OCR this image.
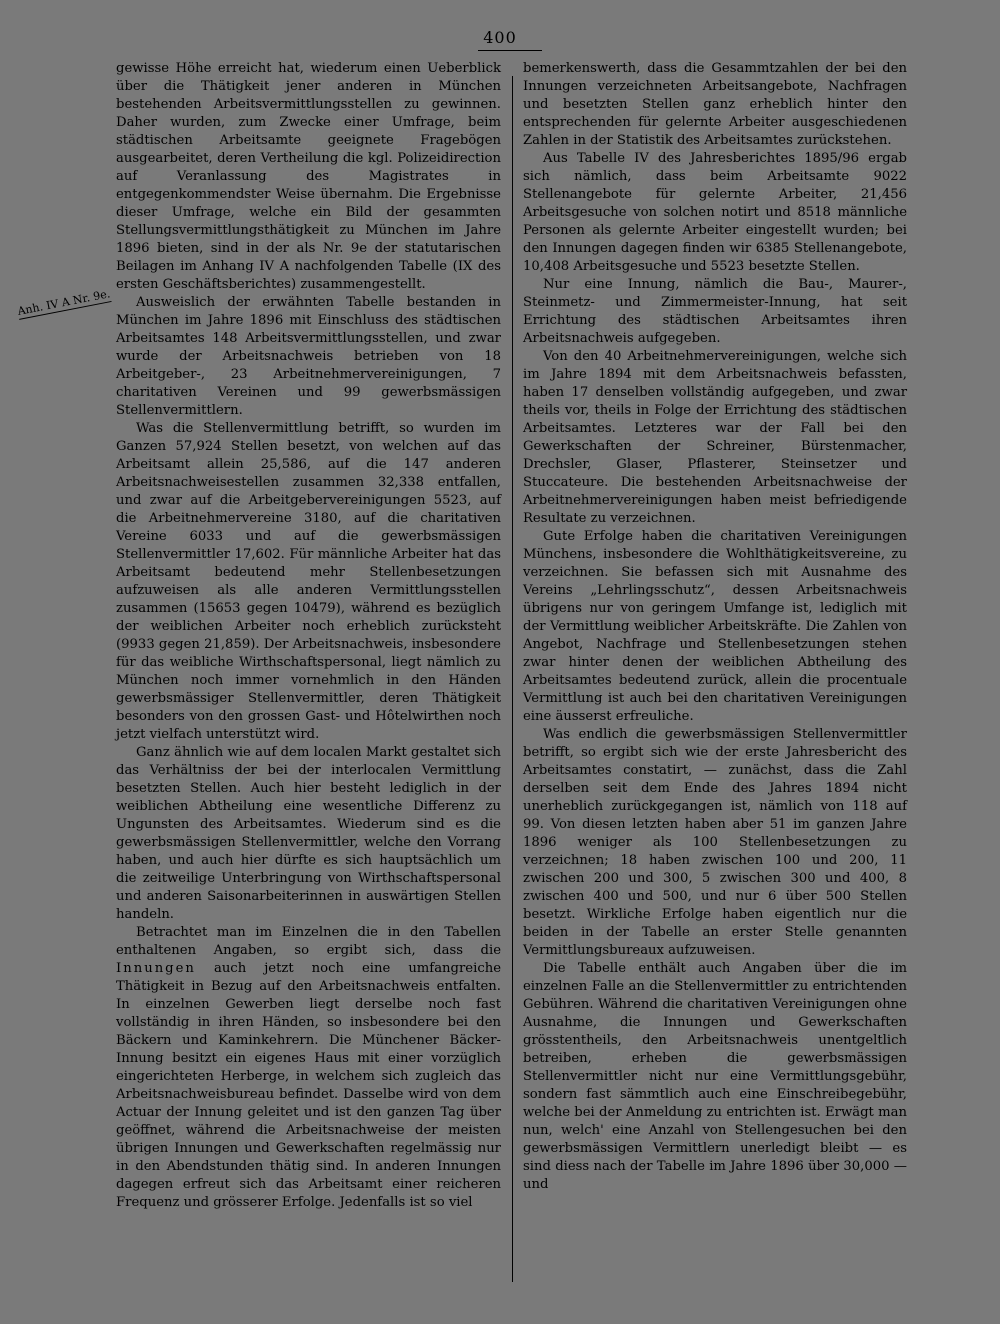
400
Anh. IV A Nr. 9e.

gewisse Höhe erreicht hat, wiederum einen Ueberblick über die Thätigkeit jener anderen in München bestehenden Arbeitsvermittlungsstellen zu gewinnen. Daher wurden, zum Zwecke einer Umfrage, beim städtischen Arbeitsamte geeignete Fragebögen ausgearbeitet, deren Vertheilung die kgl. Polizeidirection auf Veranlassung des Magistrates in entgegenkommendster Weise übernahm. Die Ergebnisse dieser Umfrage, welche ein Bild der gesammten Stellungsvermittlungsthätigkeit zu München im Jahre 1896 bieten, sind in der als Nr. 9e der statutarischen Beilagen im Anhang IV A nachfolgenden Tabelle (IX des ersten Geschäftsberichtes) zusammengestellt.

Ausweislich der erwähnten Tabelle bestanden in München im Jahre 1896 mit Einschluss des städtischen Arbeitsamtes 148 Arbeitsvermittlungsstellen, und zwar wurde der Arbeitsnachweis betrieben von 18 Arbeitgeber-, 23 Arbeitnehmervereinigungen, 7 charitativen Vereinen und 99 gewerbsmässigen Stellenvermittlern.

Was die Stellenvermittlung betrifft, so wurden im Ganzen 57,924 Stellen besetzt, von welchen auf das Arbeitsamt allein 25,586, auf die 147 anderen Arbeitsnachweisestellen zusammen 32,338 entfallen, und zwar auf die Arbeitgebervereinigungen 5523, auf die Arbeitnehmervereine 3180, auf die charitativen Vereine 6033 und auf die gewerbsmässigen Stellenvermittler 17,602. Für männliche Arbeiter hat das Arbeitsamt bedeutend mehr Stellenbesetzungen aufzuweisen als alle anderen Vermittlungsstellen zusammen (15653 gegen 10479), während es bezüglich der weiblichen Arbeiter noch erheblich zurücksteht (9933 gegen 21,859). Der Arbeitsnachweis, insbesondere für das weibliche Wirthschaftspersonal, liegt nämlich zu München noch immer vornehmlich in den Händen gewerbsmässiger Stellenvermittler, deren Thätigkeit besonders von den grossen Gast- und Hôtelwirthen noch jetzt vielfach unterstützt wird.

Ganz ähnlich wie auf dem localen Markt gestaltet sich das Verhältniss der bei der interlocalen Vermittlung besetzten Stellen. Auch hier besteht lediglich in der weiblichen Abtheilung eine wesentliche Differenz zu Ungunsten des Arbeitsamtes. Wiederum sind es die gewerbsmässigen Stellenvermittler, welche den Vorrang haben, und auch hier dürfte es sich hauptsächlich um die zeitweilige Unterbringung von Wirthschaftspersonal und anderen Saisonarbeiterinnen in auswärtigen Stellen handeln.

Betrachtet man im Einzelnen die in den Tabellen enthaltenen Angaben, so ergibt sich, dass die Innungen auch jetzt noch eine umfangreiche Thätigkeit in Bezug auf den Arbeitsnachweis entfalten. In einzelnen Gewerben liegt derselbe noch fast vollständig in ihren Händen, so insbesondere bei den Bäckern und Kaminkehrern. Die Münchener Bäcker-Innung besitzt ein eigenes Haus mit einer vorzüglich eingerichteten Herberge, in welchem sich zugleich das Arbeitsnachweisbureau befindet. Dasselbe wird von dem Actuar der Innung geleitet und ist den ganzen Tag über geöffnet, während die Arbeitsnachweise der meisten übrigen Innungen und Gewerkschaften regelmässig nur in den Abendstunden thätig sind. In anderen Innungen dagegen erfreut sich das Arbeitsamt einer reicheren Frequenz und grösserer Erfolge. Jedenfalls ist so viel

bemerkenswerth, dass die Gesammtzahlen der bei den Innungen verzeichneten Arbeitsangebote, Nachfragen und besetzten Stellen ganz erheblich hinter den entsprechenden für gelernte Arbeiter ausgeschiedenen Zahlen in der Statistik des Arbeitsamtes zurückstehen.

Aus Tabelle IV des Jahresberichtes 1895/96 ergab sich nämlich, dass beim Arbeitsamte 9022 Stellenangebote für gelernte Arbeiter, 21,456 Arbeitsgesuche von solchen notirt und 8518 männliche Personen als gelernte Arbeiter eingestellt wurden; bei den Innungen dagegen finden wir 6385 Stellenangebote, 10,408 Arbeitsgesuche und 5523 besetzte Stellen.

Nur eine Innung, nämlich die Bau-, Maurer-, Steinmetz- und Zimmermeister-Innung, hat seit Errichtung des städtischen Arbeitsamtes ihren Arbeitsnachweis aufgegeben.

Von den 40 Arbeitnehmervereinigungen, welche sich im Jahre 1894 mit dem Arbeitsnachweis befassten, haben 17 denselben vollständig aufgegeben, und zwar theils vor, theils in Folge der Errichtung des städtischen Arbeitsamtes. Letzteres war der Fall bei den Gewerkschaften der Schreiner, Bürstenmacher, Drechsler, Glaser, Pflasterer, Steinsetzer und Stuccateure. Die bestehenden Arbeitsnachweise der Arbeitnehmervereinigungen haben meist befriedigende Resultate zu verzeichnen.

Gute Erfolge haben die charitativen Vereinigungen Münchens, insbesondere die Wohlthätigkeitsvereine, zu verzeichnen. Sie befassen sich mit Ausnahme des Vereins „Lehrlingsschutz“, dessen Arbeitsnachweis übrigens nur von geringem Umfange ist, lediglich mit der Vermittlung weiblicher Arbeitskräfte. Die Zahlen von Angebot, Nachfrage und Stellenbesetzungen stehen zwar hinter denen der weiblichen Abtheilung des Arbeitsamtes bedeutend zurück, allein die procentuale Vermittlung ist auch bei den charitativen Vereinigungen eine äusserst erfreuliche.

Was endlich die gewerbsmässigen Stellenvermittler betrifft, so ergibt sich wie der erste Jahresbericht des Arbeitsamtes constatirt, — zunächst, dass die Zahl derselben seit dem Ende des Jahres 1894 nicht unerheblich zurückgegangen ist, nämlich von 118 auf 99. Von diesen letzten haben aber 51 im ganzen Jahre 1896 weniger als 100 Stellenbesetzungen zu verzeichnen; 18 haben zwischen 100 und 200, 11 zwischen 200 und 300, 5 zwischen 300 und 400, 8 zwischen 400 und 500, und nur 6 über 500 Stellen besetzt. Wirkliche Erfolge haben eigentlich nur die beiden in der Tabelle an erster Stelle genannten Vermittlungsbureaux aufzuweisen.

Die Tabelle enthält auch Angaben über die im einzelnen Falle an die Stellenvermittler zu entrichtenden Gebühren. Während die charitativen Vereinigungen ohne Ausnahme, die Innungen und Gewerkschaften grösstentheils, den Arbeitsnachweis unentgeltlich betreiben, erheben die gewerbsmässigen Stellenvermittler nicht nur eine Vermittlungsgebühr, sondern fast sämmtlich auch eine Einschreibegebühr, welche bei der Anmeldung zu entrichten ist. Erwägt man nun, welch' eine Anzahl von Stellengesuchen bei den gewerbsmässigen Vermittlern unerledigt bleibt — es sind diess nach der Tabelle im Jahre 1896 über 30,000 — und
